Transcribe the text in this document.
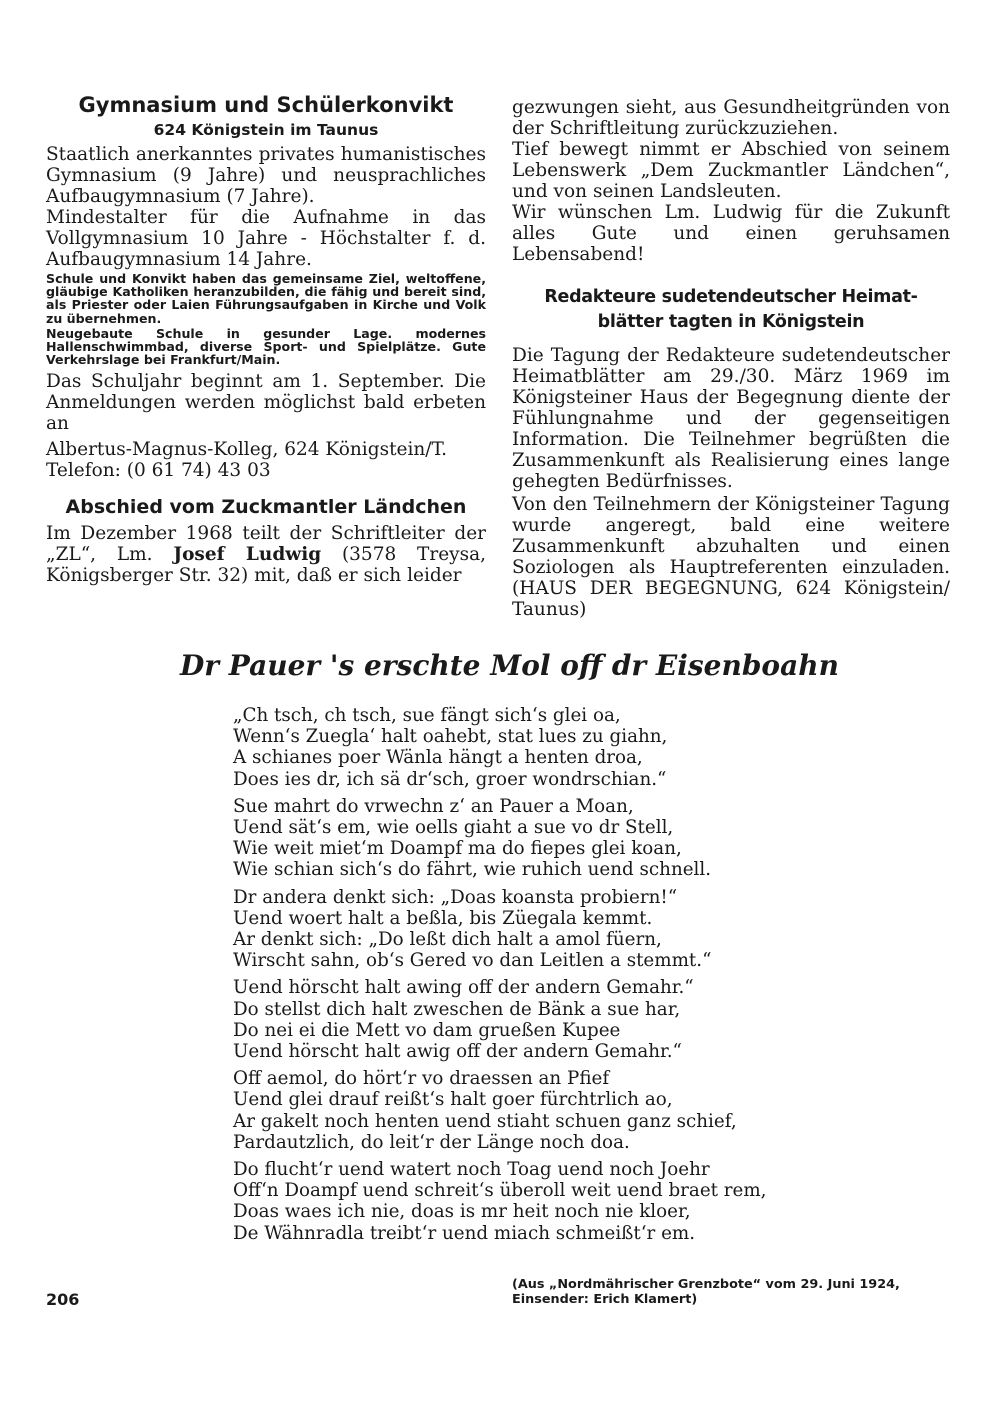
Gymnasium und Schülerkonvikt
624 Königstein im Taunus

Staatlich anerkanntes privates humanistisches Gymnasium (9 Jahre) und neusprachliches Aufbaugymnasium (7 Jahre).

Mindestalter für die Aufnahme in das Vollgymnasium 10 Jahre - Höchstalter f. d. Aufbaugymnasium 14 Jahre.

Schule und Konvikt haben das gemeinsame Ziel, weltoffene, gläubige Katholiken heranzubilden, die fähig und bereit sind, als Priester oder Laien Führungsaufgaben in Kirche und Volk zu übernehmen.

Neugebaute Schule in gesunder Lage. modernes Hallenschwimmbad, diverse Sport- und Spielplätze. Gute Verkehrslage bei Frankfurt/Main.

Das Schuljahr beginnt am 1. September. Die Anmeldungen werden möglichst bald erbeten an

Albertus-Magnus-Kolleg, 624 Königstein/T.

Telefon: (0 61 74) 43 03

Abschied vom Zuckmantler Ländchen

Im Dezember 1968 teilt der Schriftleiter der „ZL“, Lm. Josef Ludwig (3578 Treysa, Königsberger Str. 32) mit, daß er sich leider

gezwungen sieht, aus Gesundheitgründen von der Schriftleitung zurückzuziehen.

Tief bewegt nimmt er Abschied von seinem Lebenswerk „Dem Zuckmantler Ländchen“, und von seinen Landsleuten.

Wir wünschen Lm. Ludwig für die Zukunft alles Gute und einen geruhsamen Lebensabend!

Redakteure sudetendeutscher Heimat-
blätter tagten in Königstein

Die Tagung der Redakteure sudetendeutscher Heimatblätter am 29./30. März 1969 im Königsteiner Haus der Begegnung diente der Fühlungnahme und der gegenseitigen Information. Die Teilnehmer begrüßten die Zusammenkunft als Realisierung eines lange gehegten Bedürfnisses.

Von den Teilnehmern der Königsteiner Tagung wurde angeregt, bald eine weitere Zusammenkunft abzuhalten und einen Soziologen als Hauptreferenten einzuladen. (HAUS DER BEGEGNUNG, 624 Königstein/ Taunus)

Dr Pauer 's erschte Mol off dr Eisenboahn
„Ch tsch, ch tsch, sue fängt sich‘s glei oa,
Wenn‘s Zuegla‘ halt oahebt, stat lues zu giahn,
A schianes poer Wänla hängt a henten droa,
Does ies dr, ich sä dr‘sch, groer wondrschian.“
Sue mahrt do vrwechn z‘ an Pauer a Moan,
Uend sät‘s em, wie oells giaht a sue vo dr Stell,
Wie weit miet‘m Doampf ma do fiepes glei koan,
Wie schian sich‘s do fährt, wie ruhich uend schnell.
Dr andera denkt sich: „Doas koansta probiern!“
Uend woert halt a beßla, bis Züegala kemmt.
Ar denkt sich: „Do leßt dich halt a amol füern,
Wirscht sahn, ob‘s Gered vo dan Leitlen a stemmt.“
Uend hörscht halt awing off der andern Gemahr.“
Do stellst dich halt zweschen de Bänk a sue har,
Do nei ei die Mett vo dam grueßen Kupee
Uend hörscht halt awig off der andern Gemahr.“
Off aemol, do hört‘r vo draessen an Pfief
Uend glei drauf reißt‘s halt goer fürchtrlich ao,
Ar gakelt noch henten uend stiaht schuen ganz schief,
Pardautzlich, do leit‘r der Länge noch doa.
Do flucht‘r uend watert noch Toag uend noch Joehr
Off‘n Doampf uend schreit‘s überoll weit uend braet rem,
Doas waes ich nie, doas is mr heit noch nie kloer,
De Wähnradla treibt‘r uend miach schmeißt‘r em.
(Aus „Nordmährischer Grenzbote“ vom 29. Juni 1924,
Einsender: Erich Klamert)
206
